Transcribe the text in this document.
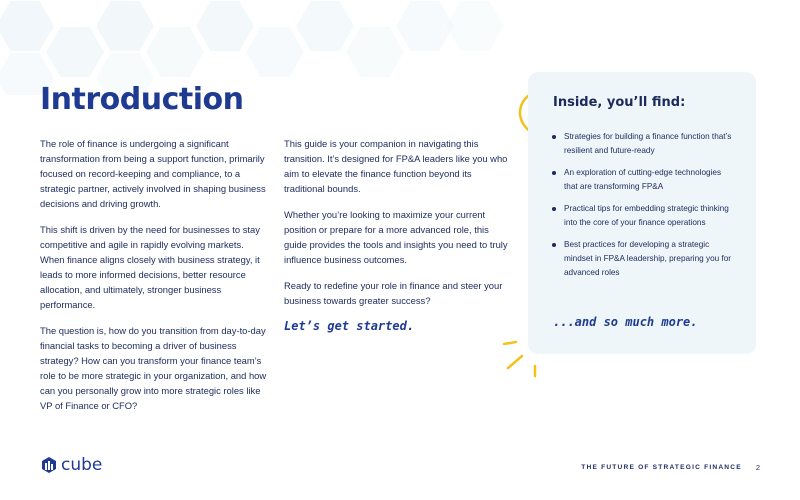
Introduction

The role of finance is undergoing a significant transformation from being a support function, primarily focused on record-keeping and compliance, to a strategic partner, actively involved in shaping business decisions and driving growth.

This shift is driven by the need for businesses to stay competitive and agile in rapidly evolving markets. When finance aligns closely with business strategy, it leads to more informed decisions, better resource allocation, and ultimately, stronger business performance.

The question is, how do you transition from day-to-day financial tasks to becoming a driver of business strategy? How can you transform your finance team’s role to be more strategic in your organization, and how can you personally grow into more strategic roles like VP of Finance or CFO?

This guide is your companion in navigating this transition. It’s designed for FP&A leaders like you who aim to elevate the finance function beyond its traditional bounds.

Whether you’re looking to maximize your current position or prepare for a more advanced role, this guide provides the tools and insights you need to truly influence business outcomes.

Ready to redefine your role in finance and steer your business towards greater success?

Let’s get started.
Inside, you’ll find:
Strategies for building a finance function that’s resilient and future-ready
An exploration of cutting-edge technologies that are transforming FP&A
Practical tips for embedding strategic thinking into the core of your finance operations
Best practices for developing a strategic mindset in FP&A leadership, preparing you for advanced roles
...and so much more.
cube	THE FUTURE OF STRATEGIC FINANCE 2
